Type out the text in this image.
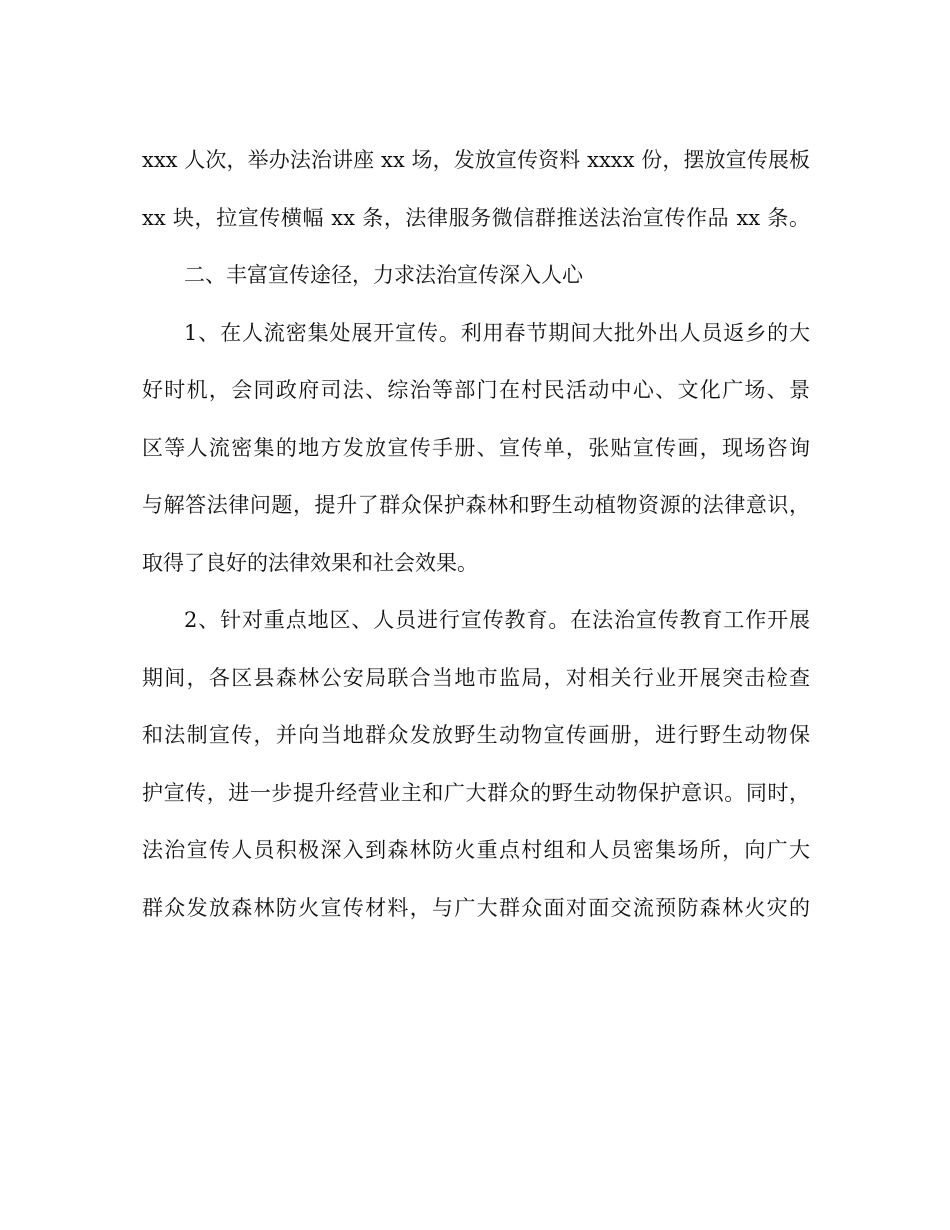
xxx 人次，举办法治讲座 xx 场，发放宣传资料 xxxx 份，摆放宣传展板
xx 块，拉宣传横幅 xx 条，法律服务微信群推送法治宣传作品 xx 条。
二、丰富宣传途径，力求法治宣传深入人心
1、在人流密集处展开宣传。利用春节期间大批外出人员返乡的大
好时机，会同政府司法、综治等部门在村民活动中心、文化广场、景
区等人流密集的地方发放宣传手册、宣传单，张贴宣传画，现场咨询
与解答法律问题，提升了群众保护森林和野生动植物资源的法律意识，
取得了良好的法律效果和社会效果。
2、针对重点地区、人员进行宣传教育。在法治宣传教育工作开展
期间，各区县森林公安局联合当地市监局，对相关行业开展突击检查
和法制宣传，并向当地群众发放野生动物宣传画册，进行野生动物保
护宣传，进一步提升经营业主和广大群众的野生动物保护意识。同时，
法治宣传人员积极深入到森林防火重点村组和人员密集场所，向广大
群众发放森林防火宣传材料，与广大群众面对面交流预防森林火灾的
